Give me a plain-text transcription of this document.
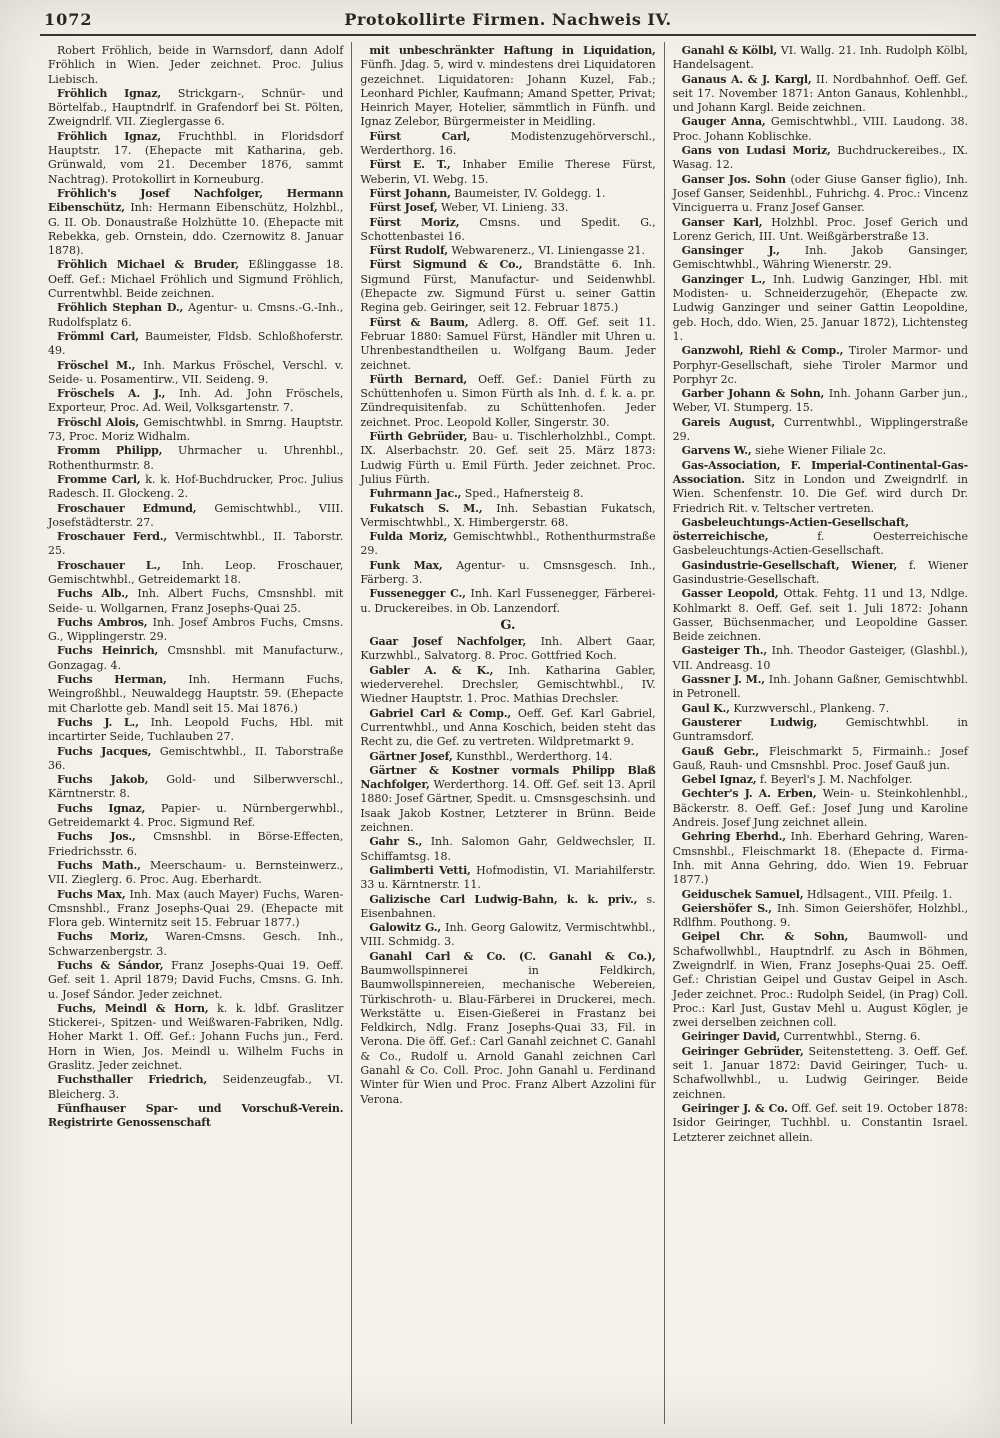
1072	Protokollirte Firmen. Nachweis IV.

Robert Fröhlich, beide in Warnsdorf, dann Adolf Fröhlich in Wien. Jeder zeichnet. Proc. Julius Liebisch.

Fröhlich Ignaz, Strickgarn-, Schnür- und Börtelfab., Hauptndrlf. in Grafendorf bei St. Pölten, Zweigndrlf. VII. Zieglergasse 6.

Fröhlich Ignaz, Fruchthbl. in Floridsdorf Hauptstr. 17. (Ehepacte mit Katharina, geb. Grünwald, vom 21. December 1876, sammt Nachtrag). Protokollirt in Korneuburg.

Fröhlich's Josef Nachfolger, Hermann Eibenschütz, Inh: Hermann Eibenschütz, Holzhbl., G. II. Ob. Donaustraße Holzhütte 10. (Ehepacte mit Rebekka, geb. Ornstein, ddo. Czernowitz 8. Januar 1878).

Fröhlich Michael & Bruder, Eßlinggasse 18. Oeff. Gef.: Michael Fröhlich und Sigmund Fröhlich, Currentwhbl. Beide zeichnen.

Fröhlich Stephan D., Agentur- u. Cmsns.-G.-Inh., Rudolfsplatz 6.

Frömml Carl, Baumeister, Fldsb. Schloßhoferstr. 49.

Fröschel M., Inh. Markus Fröschel, Verschl. v. Seide- u. Posamentirw., VII. Seideng. 9.

Fröschels A. J., Inh. Ad. John Fröschels, Exporteur, Proc. Ad. Weil, Volksgartenstr. 7.

Fröschl Alois, Gemischtwhbl. in Smrng. Hauptstr. 73, Proc. Moriz Widhalm.

Fromm Philipp, Uhrmacher u. Uhrenhbl., Rothenthurmstr. 8.

Fromme Carl, k. k. Hof-Buchdrucker, Proc. Julius Radesch. II. Glockeng. 2.

Froschauer Edmund, Gemischtwhbl., VIII. Josefstädterstr. 27.

Froschauer Ferd., Vermischtwhbl., II. Taborstr. 25.

Froschauer L., Inh. Leop. Froschauer, Gemischtwhbl., Getreidemarkt 18.

Fuchs Alb., Inh. Albert Fuchs, Cmsnshbl. mit Seide- u. Wollgarnen, Franz Josephs-Quai 25.

Fuchs Ambros, Inh. Josef Ambros Fuchs, Cmsns. G., Wipplingerstr. 29.

Fuchs Heinrich, Cmsnshbl. mit Manufacturw., Gonzagag. 4.

Fuchs Herman, Inh. Hermann Fuchs, Weingroßhbl., Neuwaldegg Hauptstr. 59. (Ehepacte mit Charlotte geb. Mandl seit 15. Mai 1876.)

Fuchs J. L., Inh. Leopold Fuchs, Hbl. mit incartirter Seide, Tuchlauben 27.

Fuchs Jacques, Gemischtwhbl., II. Taborstraße 36.

Fuchs Jakob, Gold- und Silberwverschl., Kärntnerstr. 8.

Fuchs Ignaz, Papier- u. Nürnbergerwhbl., Getreidemarkt 4. Proc. Sigmund Ref.

Fuchs Jos., Cmsnshbl. in Börse-Effecten, Friedrichsstr. 6.

Fuchs Math., Meerschaum- u. Bernsteinwerz., VII. Zieglerg. 6. Proc. Aug. Eberhardt.

Fuchs Max, Inh. Max (auch Mayer) Fuchs, Waren-Cmsnshbl., Franz Josephs-Quai 29. (Ehepacte mit Flora geb. Winternitz seit 15. Februar 1877.)

Fuchs Moriz, Waren-Cmsns. Gesch. Inh., Schwarzenbergstr. 3.

Fuchs & Sándor, Franz Josephs-Quai 19. Oeff. Gef. seit 1. April 1879; David Fuchs, Cmsns. G. Inh. u. Josef Sándor. Jeder zeichnet.

Fuchs, Meindl & Horn, k. k. ldbf. Graslitzer Stickerei-, Spitzen- und Weißwaren-Fabriken, Ndlg. Hoher Markt 1. Off. Gef.: Johann Fuchs jun., Ferd. Horn in Wien, Jos. Meindl u. Wilhelm Fuchs in Graslitz. Jeder zeichnet.

Fuchsthaller Friedrich, Seidenzeugfab., VI. Bleicherg. 3.

Fünfhauser Spar- und Vorschuß-Verein. Registrirte Genossenschaft

mit unbeschränkter Haftung in Liquidation, Fünfh. Jdag. 5, wird v. mindestens drei Liquidatoren gezeichnet. Liquidatoren: Johann Kuzel, Fab.; Leonhard Pichler, Kaufmann; Amand Spetter, Privat; Heinrich Mayer, Hotelier, sämmtlich in Fünfh. und Ignaz Zelebor, Bürgermeister in Meidling.

Fürst Carl,	Modistenzugehörverschl., Werderthorg. 16.

Fürst E. T., Inhaber Emilie Therese Fürst, Weberin, VI. Webg. 15.

Fürst Johann, Baumeister, IV. Goldegg. 1.

Fürst Josef, Weber, VI. Linieng. 33.

Fürst Moriz, Cmsns. und Spedit. G., Schottenbastei 16.

Fürst Rudolf, Webwarenerz., VI. Liniengasse 21.

Fürst Sigmund & Co., Brandstätte 6. Inh. Sigmund Fürst, Manufactur- und Seidenwhbl. (Ehepacte zw. Sigmund Fürst u. seiner Gattin Regina geb. Geiringer, seit 12. Februar 1875.)

Fürst & Baum, Adlerg. 8. Off. Gef. seit 11. Februar 1880: Samuel Fürst, Händler mit Uhren u. Uhrenbestandtheilen u. Wolfgang Baum. Jeder zeichnet.

Fürth Bernard, Oeff. Gef.: Daniel Fürth zu Schüttenhofen u. Simon Fürth als Inh. d. f. k. a. pr. Zündrequisitenfab. zu Schüttenhofen. Jeder zeichnet. Proc. Leopold Koller, Singerstr. 30.

Fürth Gebrüder, Bau- u. Tischlerholzhbl., Compt. IX. Alserbachstr. 20. Gef. seit 25. März 1873: Ludwig Fürth u. Emil Fürth. Jeder zeichnet. Proc. Julius Fürth.

Fuhrmann Jac., Sped., Hafnersteig 8.

Fukatsch S. M., Inh. Sebastian Fukatsch, Vermischtwhbl., X. Himbergerstr. 68.

Fulda Moriz, Gemischtwhbl., Rothenthurmstraße 29.

Funk Max, Agentur- u. Cmsnsgesch. Inh., Färberg. 3.

Fussenegger C., Inh. Karl Fussenegger, Färberei- u. Druckereibes. in Ob. Lanzendorf.

G.

Gaar Josef Nachfolger, Inh. Albert Gaar, Kurzwhbl., Salvatorg. 8. Proc. Gottfried Koch.

Gabler A. & K., Inh. Katharina Gabler, wiederverehel. Drechsler, Gemischtwhbl., IV. Wiedner Hauptstr. 1. Proc. Mathias Drechsler.

Gabriel Carl & Comp., Oeff. Gef. Karl Gabriel, Currentwhbl., und Anna Koschich, beiden steht das Recht zu, die Gef. zu vertreten. Wildpretmarkt 9.

Gärtner Josef, Kunsthbl., Werderthorg. 14.

Gärtner & Kostner vormals Philipp Blaß Nachfolger, Werderthorg. 14. Off. Gef. seit 13. April 1880: Josef Gärtner, Spedit. u. Cmsnsgeschsinh. und Isaak Jakob Kostner, Letzterer in Brünn. Beide zeichnen.

Gahr S., Inh. Salomon Gahr, Geldwechsler, II. Schiffamtsg. 18.

Galimberti Vetti, Hofmodistin, VI. Mariahilferstr. 33 u. Kärntnerstr. 11.

Galizische Carl Ludwig-Bahn, k. k. priv., s. Eisenbahnen.

Galowitz G., Inh. Georg Galowitz, Vermischtwhbl., VIII. Schmidg. 3.

Ganahl Carl & Co. (C. Ganahl & Co.), Baumwollspinnerei in Feldkirch, Baumwollspinnereien, mechanische Webereien, Türkischroth- u. Blau-Färberei in Druckerei, mech. Werkstätte u. Eisen-Gießerei in Frastanz bei Feldkirch, Ndlg. Franz Josephs-Quai 33, Fil. in Verona. Die öff. Gef.: Carl Ganahl zeichnet C. Ganahl & Co., Rudolf u. Arnold Ganahl zeichnen Carl Ganahl & Co. Coll. Proc. John Ganahl u. Ferdinand Winter für Wien und Proc. Franz Albert Azzolini für Verona.

Ganahl & Kölbl, VI. Wallg. 21. Inh. Rudolph Kölbl, Handelsagent.

Ganaus A. & J. Kargl, II. Nordbahnhof. Oeff. Gef. seit 17. November 1871: Anton Ganaus, Kohlenhbl., und Johann Kargl. Beide zeichnen.

Gauger Anna, Gemischtwhbl., VIII. Laudong. 38. Proc. Johann Koblischke.

Gans von Ludasi Moriz, Buchdruckereibes., IX. Wasag. 12.

Ganser Jos. Sohn (oder Giuse Ganser figlio), Inh. Josef Ganser, Seidenhbl., Fuhrichg. 4. Proc.: Vincenz Vinciguerra u. Franz Josef Ganser.

Ganser Karl, Holzhbl. Proc. Josef Gerich und Lorenz Gerich, III. Unt. Weißgärberstraße 13.

Gansinger J., Inh. Jakob Gansinger, Gemischtwhbl., Währing Wienerstr. 29.

Ganzinger L., Inh. Ludwig Ganzinger, Hbl. mit Modisten- u. Schneiderzugehör, (Ehepacte zw. Ludwig Ganzinger und seiner Gattin Leopoldine, geb. Hoch, ddo. Wien, 25. Januar 1872), Lichtensteg 1.

Ganzwohl, Riehl & Comp., Tiroler Marmor- und Porphyr-Gesellschaft, siehe Tiroler Marmor und Porphyr 2c.

Garber Johann & Sohn, Inh. Johann Garber jun., Weber, VI. Stumperg. 15.

Gareis August, Currentwhbl., Wipplingerstraße 29.

Garvens W., siehe Wiener Filiale 2c.

Gas-Association, F. Imperial-Continental-Gas-Association. Sitz in London und Zweigndrlf. in Wien. Schenfenstr. 10. Die Gef. wird durch Dr. Friedrich Rit. v. Teltscher vertreten.

Gasbeleuchtungs-Actien-Gesellschaft, österreichische,	f. Oesterreichische Gasbeleuchtungs-Actien-Gesellschaft.

Gasindustrie-Gesellschaft, Wiener, f. Wiener Gasindustrie-Gesellschaft.

Gasser Leopold, Ottak. Fehtg. 11 und 13, Ndlge. Kohlmarkt 8. Oeff. Gef. seit 1. Juli 1872: Johann Gasser, Büchsenmacher, und Leopoldine Gasser. Beide zeichnen.

Gasteiger Th., Inh. Theodor Gasteiger, (Glashbl.), VII. Andreasg. 10

Gassner J. M., Inh. Johann Gaßner, Gemischtwhbl. in Petronell.

Gaul K., Kurzwverschl., Plankeng. 7.

Gausterer Ludwig,	Gemischtwhbl. in Guntramsdorf.

Gauß Gebr., Fleischmarkt 5, Firmainh.: Josef Gauß, Rauh- und Cmsnshbl. Proc. Josef Gauß jun.

Gebel Ignaz, f. Beyerl's J. M. Nachfolger.

Gechter's J. A. Erben, Wein- u. Steinkohlenhbl., Bäckerstr. 8. Oeff. Gef.: Josef Jung und Karoline Andreis. Josef Jung zeichnet allein.

Gehring Eberhd., Inh. Eberhard Gehring, Waren-Cmsnshbl., Fleischmarkt 18. (Ehepacte d. Firma-Inh. mit Anna Gehring, ddo. Wien 19. Februar 1877.)

Geiduschek Samuel, Hdlsagent., VIII. Pfeilg. 1.

Geiershöfer S., Inh. Simon Geiershöfer, Holzhbl., Rdlfhm. Pouthong. 9.

Geipel Chr. & Sohn, Baumwoll- und Schafwollwhbl., Hauptndrlf. zu Asch in Böhmen, Zweigndrlf. in Wien, Franz Josephs-Quai 25. Oeff. Gef.: Christian Geipel und Gustav Geipel in Asch. Jeder zeichnet. Proc.: Rudolph Seidel, (in Prag) Coll. Proc.: Karl Just, Gustav Mehl u. August Kögler, je zwei derselben zeichnen coll.

Geiringer David, Currentwhbl., Sterng. 6.

Geiringer Gebrüder, Seitenstetteng. 3. Oeff. Gef. seit 1. Januar 1872: David Geiringer, Tuch- u. Schafwollwhbl., u. Ludwig Geiringer. Beide zeichnen.

Geiringer J. & Co. Off. Gef. seit 19. October 1878: Isidor Geiringer, Tuchhbl. u. Constantin Israel. Letzterer zeichnet allein.
